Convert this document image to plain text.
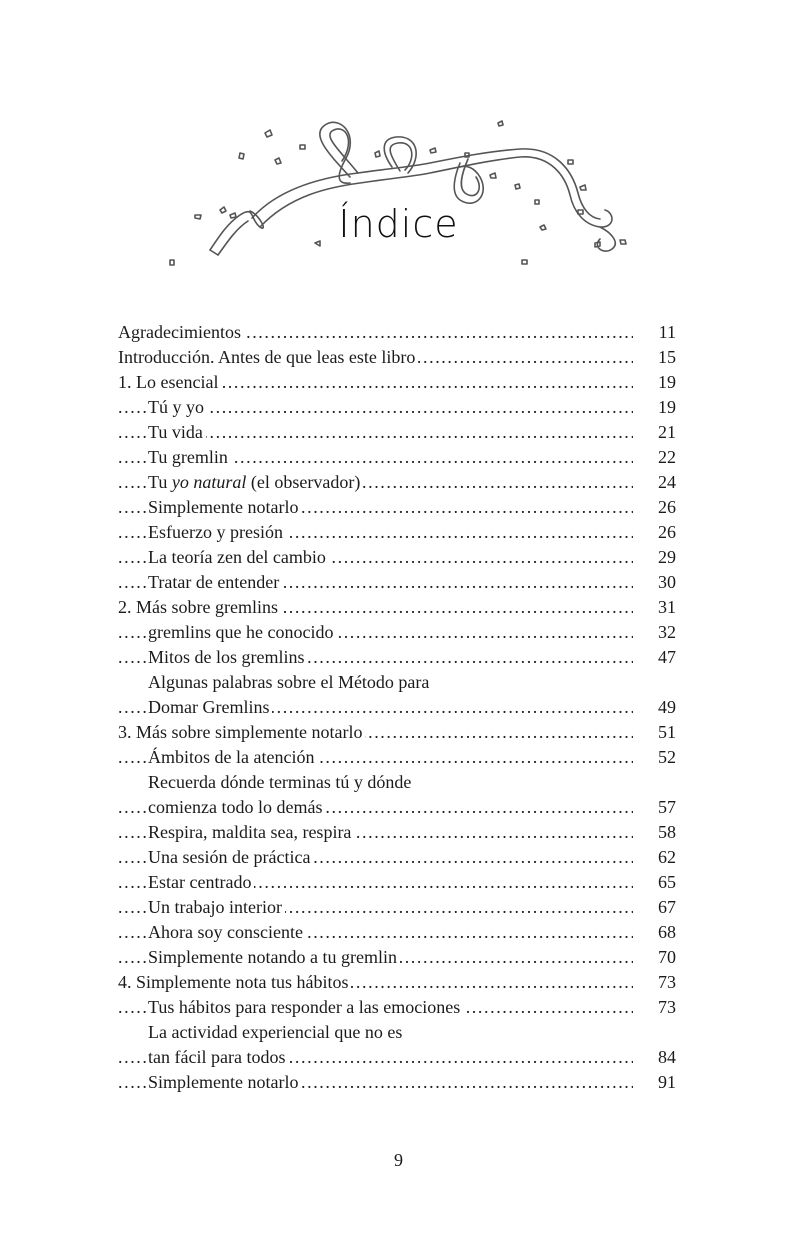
Índice
.....
Agradecimientos	11
.....
Introducción. Antes de que leas este libro	15
.....
1. Lo esencial	19
.....
Tú y yo	19
.....
Tu vida	21
.....
Tu gremlin	22
.....
Tu yo natural (el observador)	24
.....
Simplemente notarlo	26
.....
Esfuerzo y presión	26
.....
La teoría zen del cambio	29
.....
Tratar de entender	30
.....
2. Más sobre gremlins	31
.....
gremlins que he conocido	32
.....
Mitos de los gremlins	47
Algunas palabras sobre el Método para
.....
Domar Gremlins	49
.....
3. Más sobre simplemente notarlo	51
.....
Ámbitos de la atención	52
Recuerda dónde terminas tú y dónde
.....
comienza todo lo demás	57
.....
Respira, maldita sea, respira	58
.....
Una sesión de práctica	62
.....
Estar centrado	65
.....
Un trabajo interior	67
.....
Ahora soy consciente	68
.....
Simplemente notando a tu gremlin	70
.....
4. Simplemente nota tus hábitos	73
.....
Tus hábitos para responder a las emociones	73
La actividad experiencial que no es
.....
tan fácil para todos	84
.....
Simplemente notarlo	91
9
